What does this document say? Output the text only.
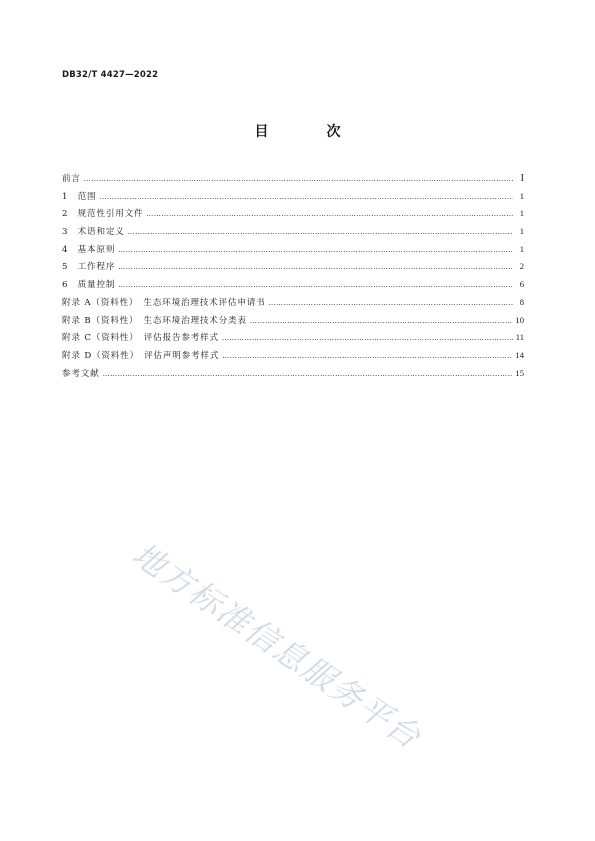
DB32/T 4427—2022
目　次
前言 ……………………………………………………………………………………………………………………………………………………………………………………………………………	I
1　范围 ……………………………………………………………………………………………………………………………………………………………………………………………………………	1
2　规范性引用文件 ……………………………………………………………………………………………………………………………………………………………………………………………………………	1
3　术语和定义 ……………………………………………………………………………………………………………………………………………………………………………………………………………	1
4　基本原则 ……………………………………………………………………………………………………………………………………………………………………………………………………………	1
5　工作程序 ……………………………………………………………………………………………………………………………………………………………………………………………………………	2
6　质量控制 ……………………………………………………………………………………………………………………………………………………………………………………………………………	6
附录 A（资料性）　生态环境治理技术评估申请书 ……………………………………………………………………………………………………………………………………………………………………………………………………………	8
附录 B（资料性）　生态环境治理技术分类表 ……………………………………………………………………………………………………………………………………………………………………………………………………………	10
附录 C（资料性）　评估报告参考样式 ……………………………………………………………………………………………………………………………………………………………………………………………………………	11
附录 D（资料性）　评估声明参考样式 ……………………………………………………………………………………………………………………………………………………………………………………………………………	14
参考文献 ……………………………………………………………………………………………………………………………………………………………………………………………………………	15
地方标准信息服务平台
